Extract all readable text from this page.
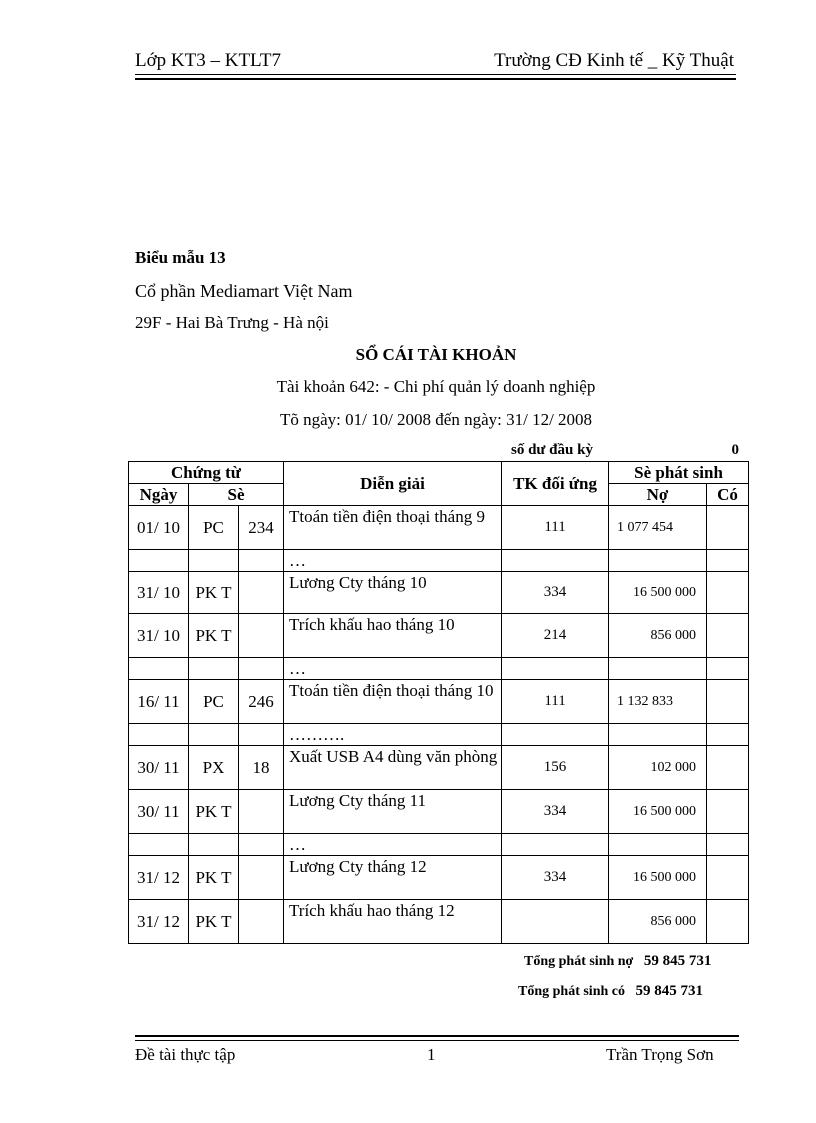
Lớp KT3 – KTLT7	Trường CĐ Kinh tế _ Kỹ Thuật
Biểu mẫu 13
Cổ phần Mediamart Việt Nam
29F - Hai Bà Trưng - Hà nội
SỔ CÁI TÀI KHOẢN
Tài khoản 642: - Chi phí quản lý doanh nghiệp
Tõ ngày: 01/ 10/ 2008 đến ngày: 31/ 12/ 2008
số dư đầu kỳ	0
Chứng từ			Diễn giải	TK đối ứng	Sè phát sinh	
Ngày	Sè				Nợ	Có
01/ 10	PC	234	Ttoán tiền điện thoại tháng 9	111	1 077 454	
			…			
31/ 10	PK T		Lương Cty tháng 10	334	16 500 000	
31/ 10	PK T		Trích khấu hao tháng 10	214	856 000	
			…			
16/ 11	PC	246	Ttoán tiền điện thoại tháng 10	111	1 132 833	
			……….			
30/ 11	PX	18	Xuất USB A4 dùng văn phòng	156	102 000	
30/ 11	PK T		Lương Cty tháng 11	334	16 500 000	
			…			
31/ 12	PK T		Lương Cty tháng 12	334	16 500 000	
31/ 12	PK T		Trích khấu hao tháng 12		856 000	
Tổng phát sinh nợ 59 845 731
Tổng phát sinh có 59 845 731
Đề tài thực tập	1	Trần Trọng Sơn
